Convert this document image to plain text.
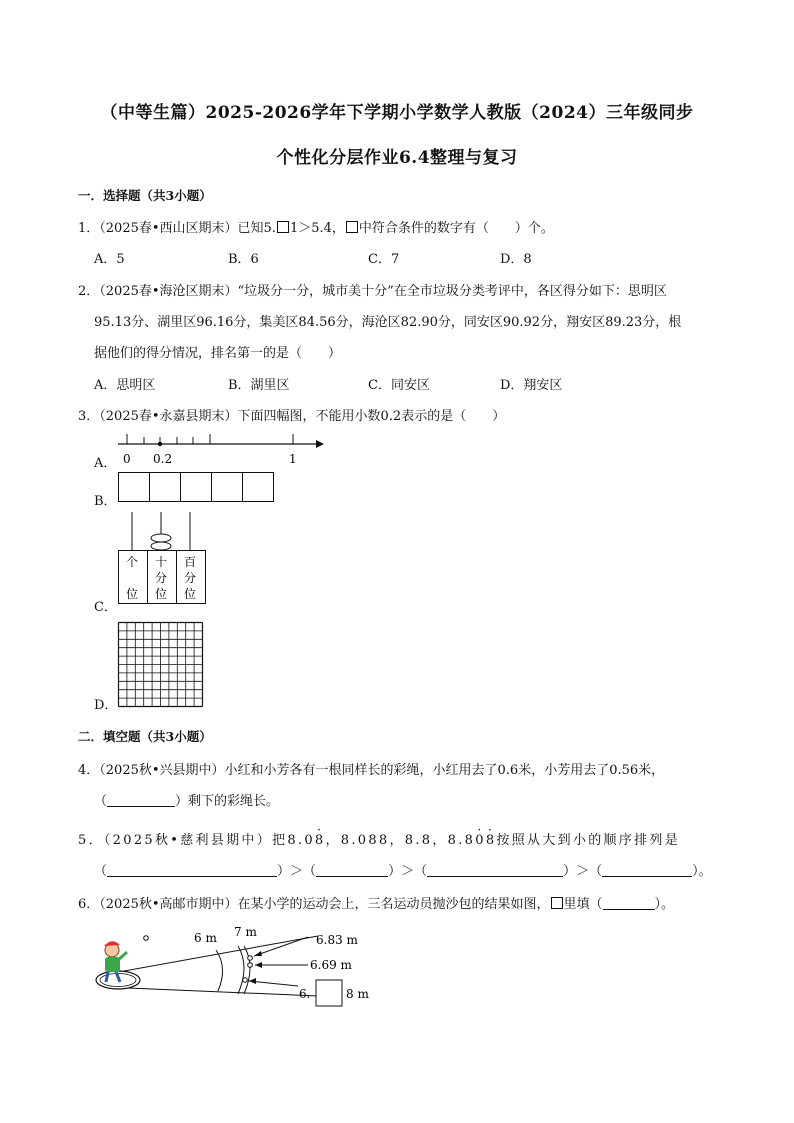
（中等生篇）2025-2026学年下学期小学数学人教版（2024）三年级同步
个性化分层作业6.4整理与复习
一．选择题（共3小题）
1．（2025春•西山区期末）已知5. 1＞5.4， 中符合条件的数字有（　　）个。
A．5	B．6	C．7	D．8
2．（2025春•海沧区期末）“垃圾分一分，城市美十分”在全市垃圾分类考评中，各区得分如下：思明区
95.13分、湖里区96.16分，集美区84.56分，海沧区82.90分，同安区90.92分，翔安区89.23分，根
据他们的得分情况，排名第一的是（　　）
A．思明区	B．湖里区	C．同安区	D．翔安区
3．（2025春•永嘉县期末）下面四幅图，不能用小数0.2表示的是（　　）
A． 0 0.2	1
B．
C．
个
位
十
分
位
百
分
位
D．
二．填空题（共3小题）
4．（2025秋•兴县期中）小红和小芳各有一根同样长的彩绳，小红用去了0.6米，小芳用去了0.56米，
（	）剩下的彩绳长。
5．（2025秋•慈利县期中）把8.08 ·，8.088，8.8，8.80 ·8 ·按照从大到小的顺序排列是
（	）＞（	）＞（	）＞（	）。
6．（2025秋•高邮市期中）在某小学的运动会上，三名运动员抛沙包的结果如图， 里填（	）。
6 m 7 m
6.83 m
6.69 m
6.	8 m
